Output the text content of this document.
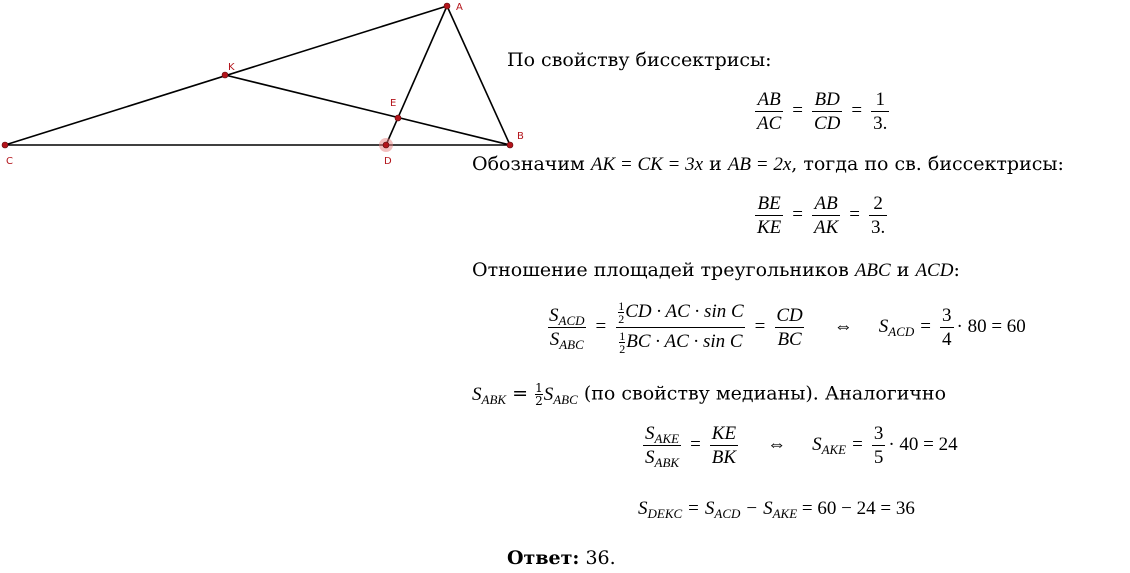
A
B
C	D
E
K	По свойству биссектрисы:
$\frac{AB}{AC} = \frac{BD}{CD} = \frac{1}{3.}$
Обозначим AK = CK = 3x и AB = 2x, тогда по св. биссектрисы:
$\frac{BE}{KE} = \frac{AB}{AK} = \frac{2}{3.}$
Отношение площадей треугольников ABC и ACD:
$\frac{S_{ACD}}{S_{ABC}} = \frac{\frac{1}{2} CD \cdot AC \cdot \sin C}{\frac{1}{2} BC \cdot AC \cdot \sin C} = \frac{CD}{BC}$ ⇔ $S_{ACD} = \frac{3}{4} \cdot 80 = 60$
$S_{ABK} = \frac{1}{2} S_{ABC}$ (по свойству медианы). Аналогично
$\frac{S_{AKE}}{S_{ABK}} = \frac{KE}{BK}$ ⇔ $S_{AKE} = \frac{3}{5} \cdot 40 = 24$
$S_{DEKC} = S_{ACD} - S_{AKE} = 60 - 24 = 36$
Ответ: 36.
